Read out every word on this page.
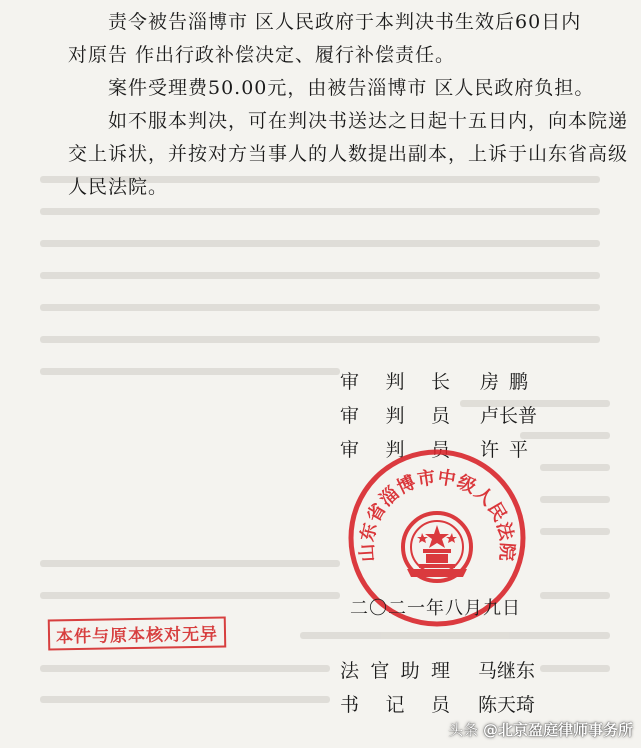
责令被告淄博市 区人民政府于本判决书生效后60日内
对原告 作出行政补偿决定、履行补偿责任。
案件受理费50.00元，由被告淄博市 区人民政府负担。
如不服本判决，可在判决书送达之日起十五日内，向本院递
交上诉状，并按对方当事人的人数提出副本，上诉于山东省高级
人民法院。
审判长 房鹏
审判员 卢长普
审判员 许平
山东省淄博市中级人民法院
二〇二一年八月九日
本件与原本核对无异
法官助理 马继东
书记员 陈天琦
头条 @北京盈庭律师事务所
